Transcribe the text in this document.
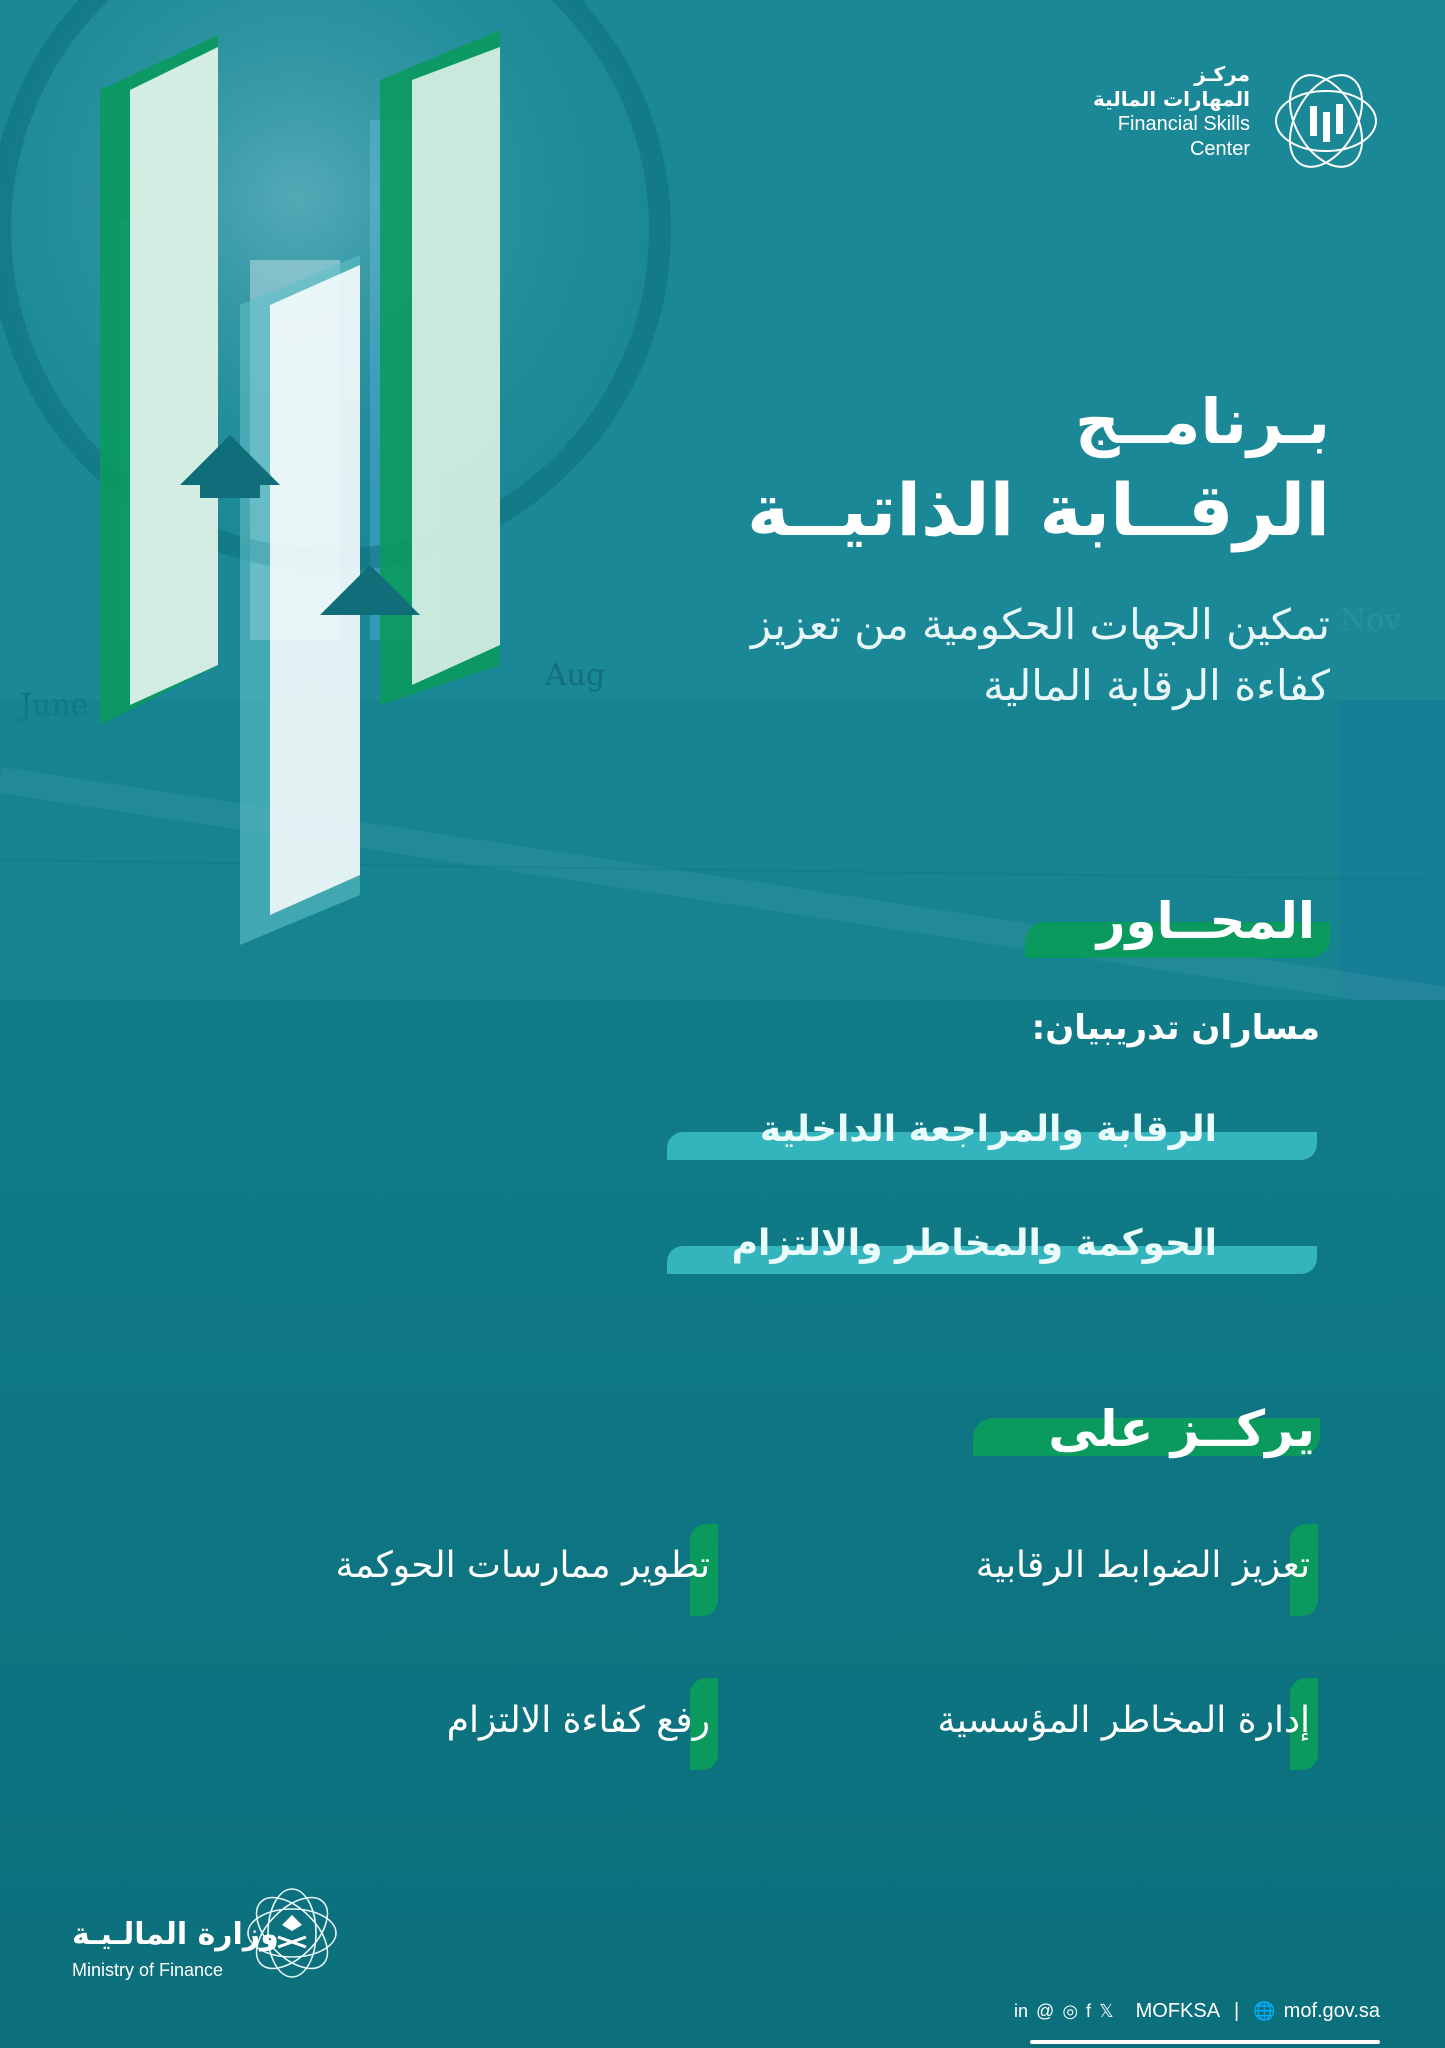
Aug
Nov
مركـز
المهارات المالية
Financial Skills
Center
بـرنامــج
الرقــابة الذاتيــة
تمكين الجهات الحكومية من تعزيز
كفاءة الرقابة المالية
المحــاور
مساران تدريبيان:
الرقابة والمراجعة الداخلية
الحوكمة والمخاطر والالتزام
يركــز على
تعزيز الضوابط الرقابية
تطوير ممارسات الحوكمة
إدارة المخاطر المؤسسية
رفع كفاءة الالتزام
وزارة المالـيـة
Ministry of Finance
in @ ◎ f 𝕏 MOFKSA | 🌐 mof.gov.sa
